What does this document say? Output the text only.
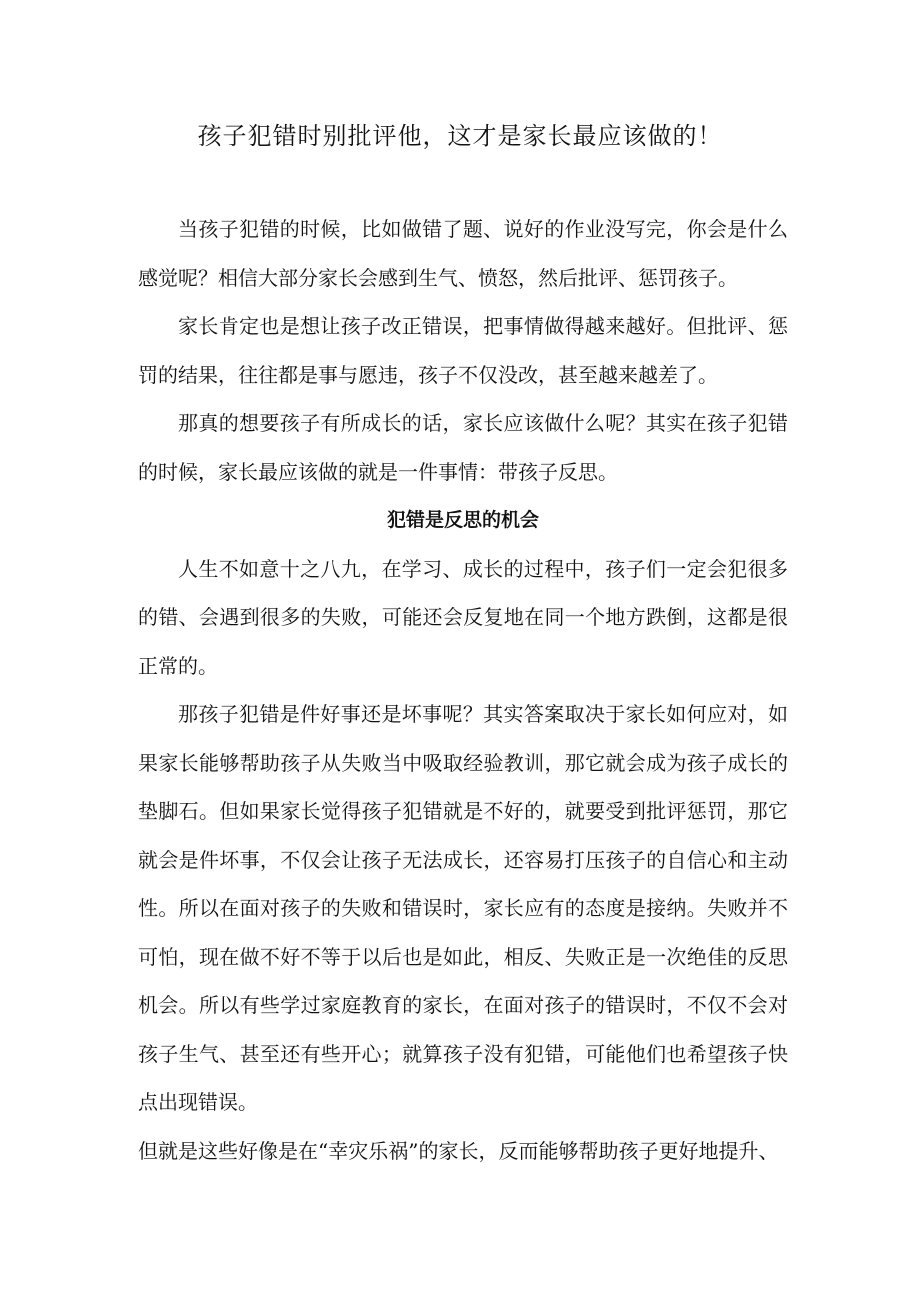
孩子犯错时别批评他，这才是家长最应该做的！

当孩子犯错的时候，比如做错了题、说好的作业没写完，你会是什么感觉呢？相信大部分家长会感到生气、愤怒，然后批评、惩罚孩子。

家长肯定也是想让孩子改正错误，把事情做得越来越好。但批评、惩罚的结果，往往都是事与愿违，孩子不仅没改，甚至越来越差了。

那真的想要孩子有所成长的话，家长应该做什么呢？其实在孩子犯错的时候，家长最应该做的就是一件事情：带孩子反思。

犯错是反思的机会

人生不如意十之八九，在学习、成长的过程中，孩子们一定会犯很多的错、会遇到很多的失败，可能还会反复地在同一个地方跌倒，这都是很正常的。

那孩子犯错是件好事还是坏事呢？其实答案取决于家长如何应对，如果家长能够帮助孩子从失败当中吸取经验教训，那它就会成为孩子成长的垫脚石。但如果家长觉得孩子犯错就是不好的，就要受到批评惩罚，那它就会是件坏事，不仅会让孩子无法成长，还容易打压孩子的自信心和主动性。所以在面对孩子的失败和错误时，家长应有的态度是接纳。失败并不可怕，现在做不好不等于以后也是如此，相反、失败正是一次绝佳的反思机会。所以有些学过家庭教育的家长，在面对孩子的错误时，不仅不会对孩子生气、甚至还有些开心；就算孩子没有犯错，可能他们也希望孩子快点出现错误。

但就是这些好像是在“幸灾乐祸”的家长，反而能够帮助孩子更好地提升、
